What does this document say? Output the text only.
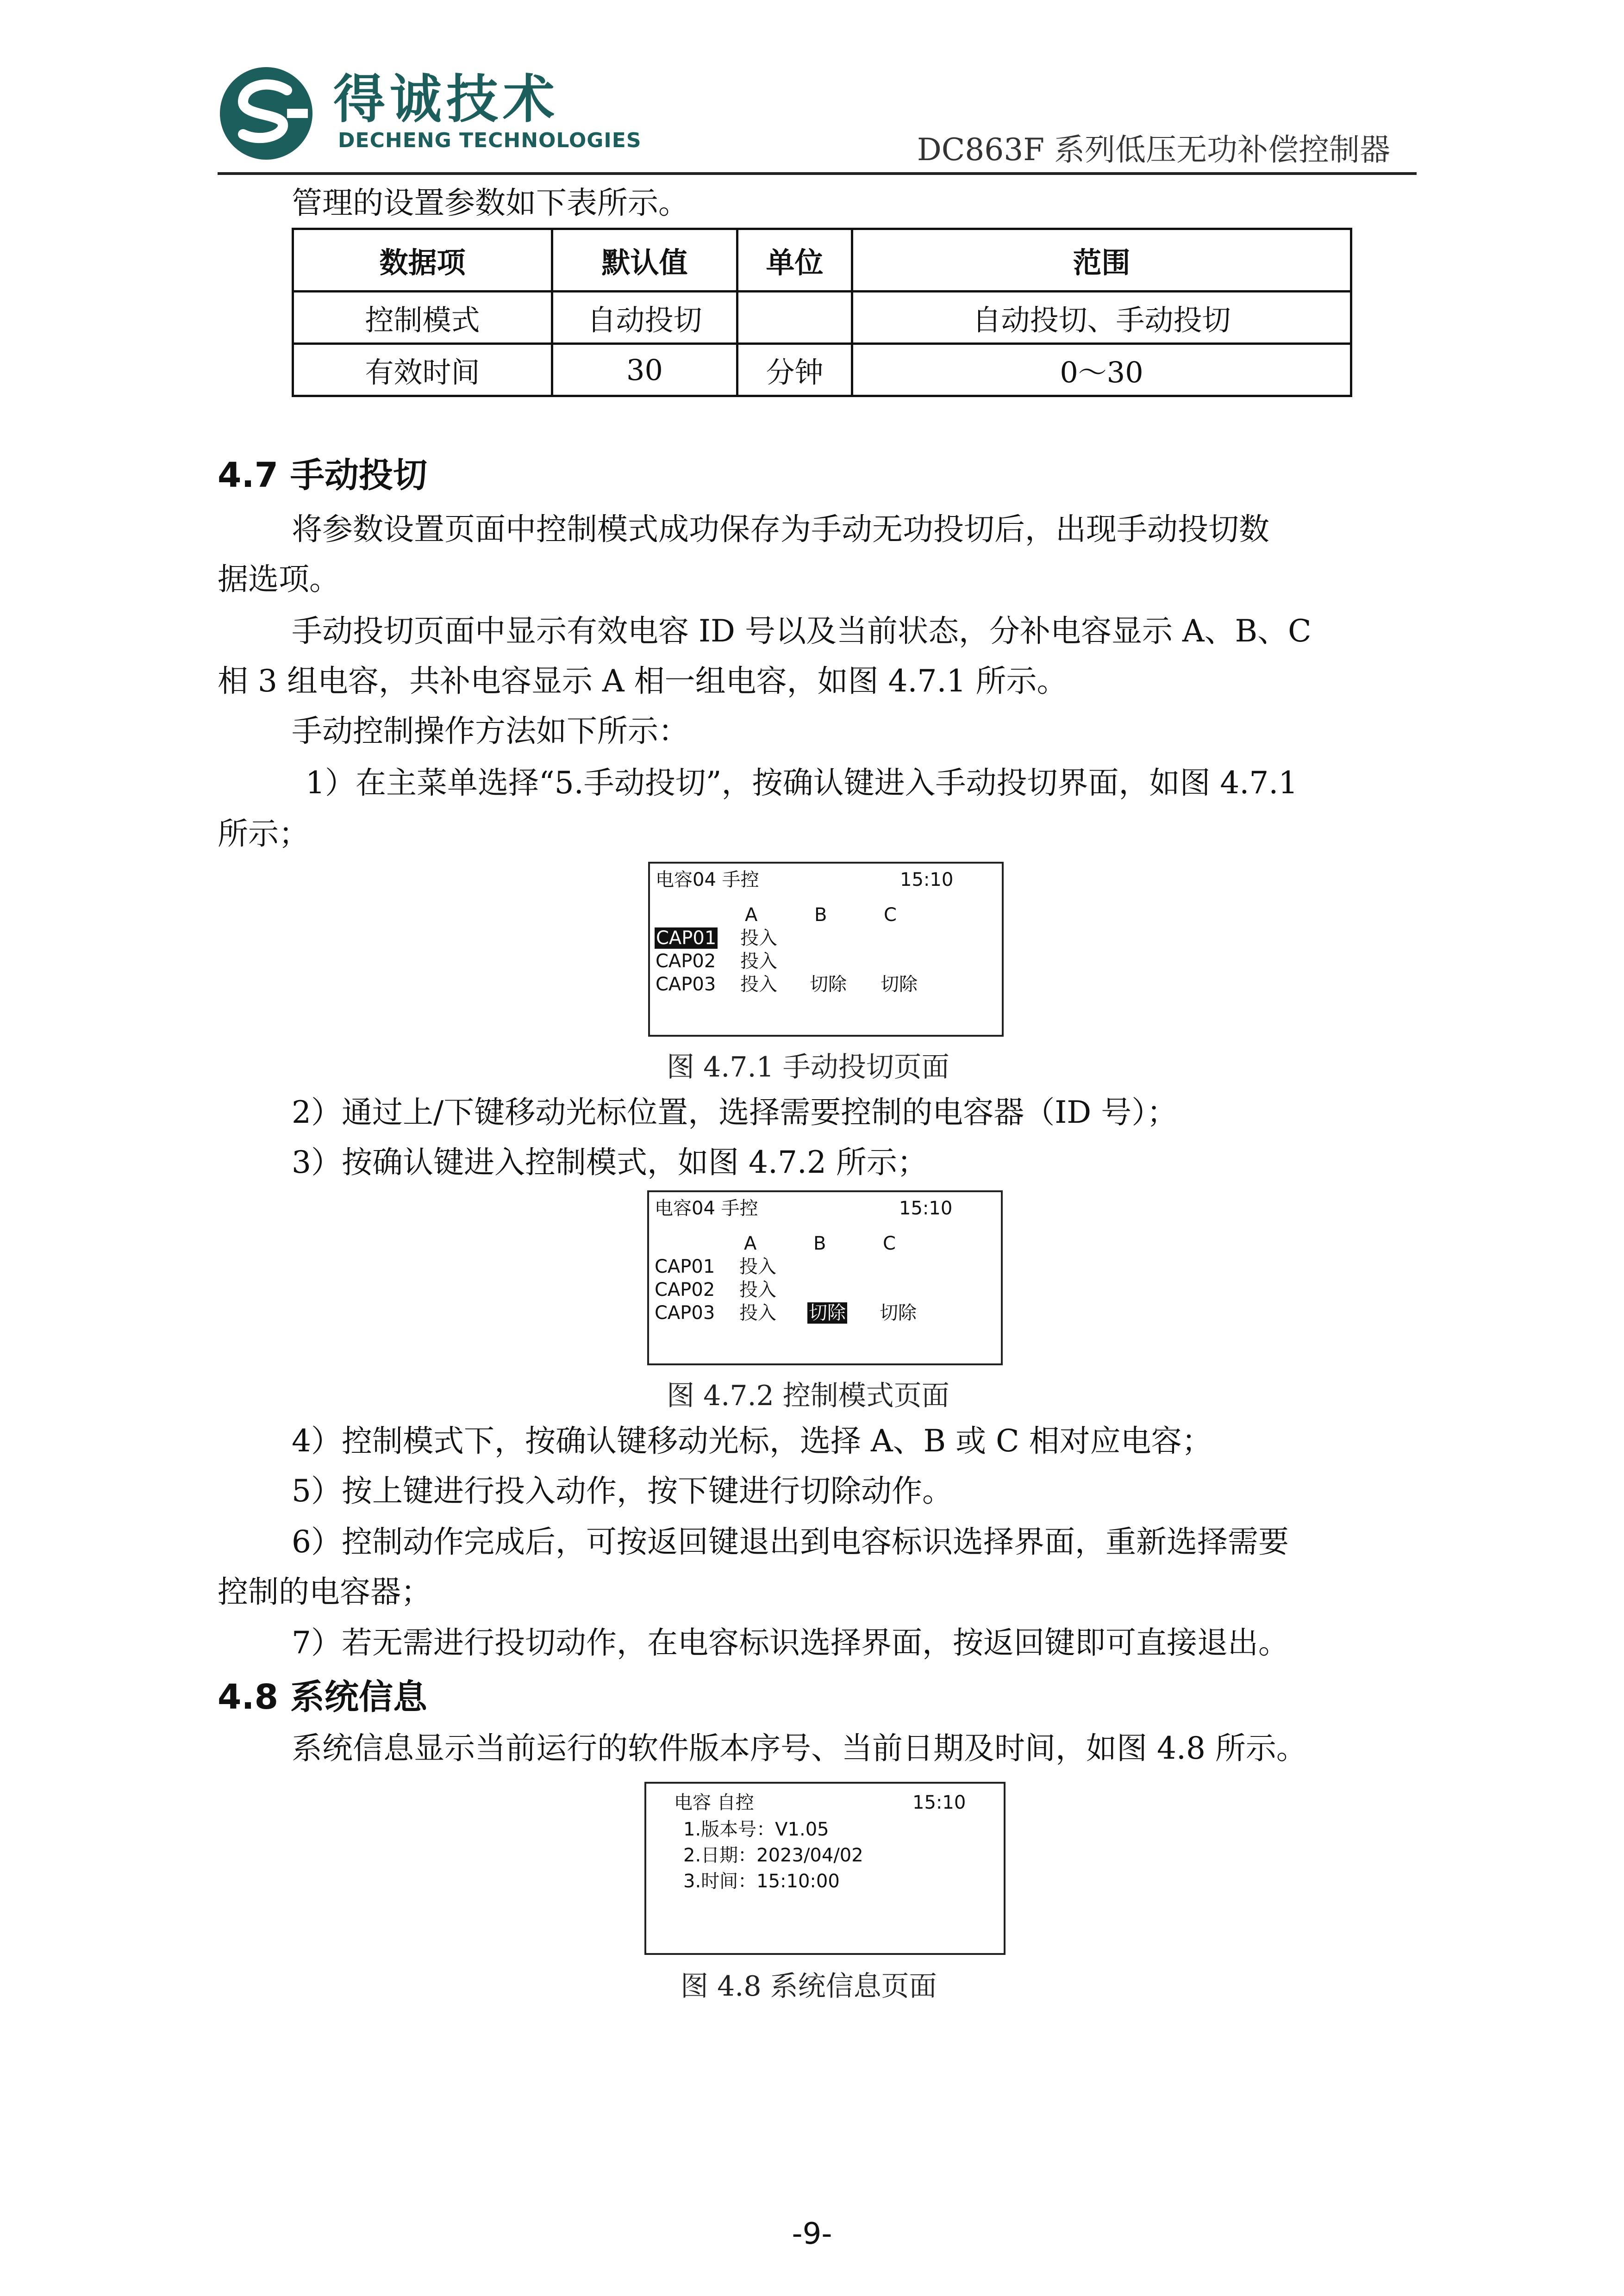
得诚技术
DECHENG TECHNOLOGIES	DC863F 系列低压无功补偿控制器
管理的设置参数如下表所示。
数据项	默认值	单位	范围
控制模式	自动投切		自动投切、手动投切
有效时间	30	分钟	0～30
4.7 手动投切
将参数设置页面中控制模式成功保存为手动无功投切后，出现手动投切数
据选项。
手动投切页面中显示有效电容 ID 号以及当前状态，分补电容显示 A、B、C
相 3 组电容，共补电容显示 A 相一组电容，如图 4.7.1 所示。
手动控制操作方法如下所示：
1）在主菜单选择“5.手动投切”，按确认键进入手动投切界面，如图 4.7.1
所示；
电容04 手控	15:10
A	B	C
CAP01 投入
CAP02 投入
CAP03 投入 切除 切除
图 4.7.1 手动投切页面
2）通过上/下键移动光标位置，选择需要控制的电容器（ID 号）；
3）按确认键进入控制模式，如图 4.7.2 所示；
电容04 手控	15:10
A	B	C
CAP01 投入
CAP02 投入
CAP03 投入 切除 切除
图 4.7.2 控制模式页面
4）控制模式下，按确认键移动光标，选择 A、B 或 C 相对应电容；
5）按上键进行投入动作，按下键进行切除动作。
6）控制动作完成后，可按返回键退出到电容标识选择界面，重新选择需要
控制的电容器；
7）若无需进行投切动作，在电容标识选择界面，按返回键即可直接退出。
4.8 系统信息
系统信息显示当前运行的软件版本序号、当前日期及时间，如图 4.8 所示。
电容 自控	15:10
1.版本号：V1.05
2.日期：2023/04/02
3.时间：15:10:00
图 4.8 系统信息页面
-9-
